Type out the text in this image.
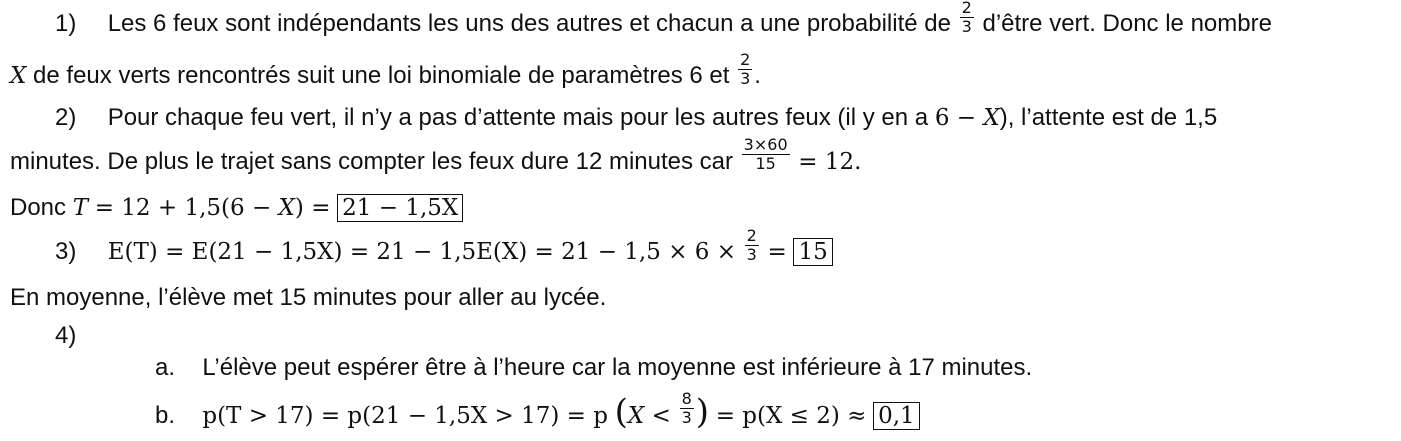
1) Les 6 feux sont indépendants les uns des autres et chacun a une probabilité de $\frac{2}{3}$ d’être vert. Donc le nombre
X de feux verts rencontrés suit une loi binomiale de paramètres 6 et $\frac{2}{3}$ .
2) Pour chaque feu vert, il n’y a pas d’attente mais pour les autres feux (il y en a 6 − X), l’attente est de 1,5
minutes. De plus le trajet sans compter les feux dure 12 minutes car $\frac{3\times 60}{15} = 12$.
Donc T = 12 + 1,5(6 − X) = 21 − 1,5X
3) $E(T) = E(21 - 1,5X) = 21 - 1,5E(X) = 21 - 1,5 \times 6 \times \frac{2}{3} = 15$
En moyenne, l’élève met 15 minutes pour aller au lycée.
4)
a. L’élève peut espérer être à l’heure car la moyenne est inférieure à 17 minutes.
b. p(T > 17) = p(21 − 1,5X > 17) = p ($X < \frac{8}{3}$ ) = p(X ≤ 2) ≈ 0,1
